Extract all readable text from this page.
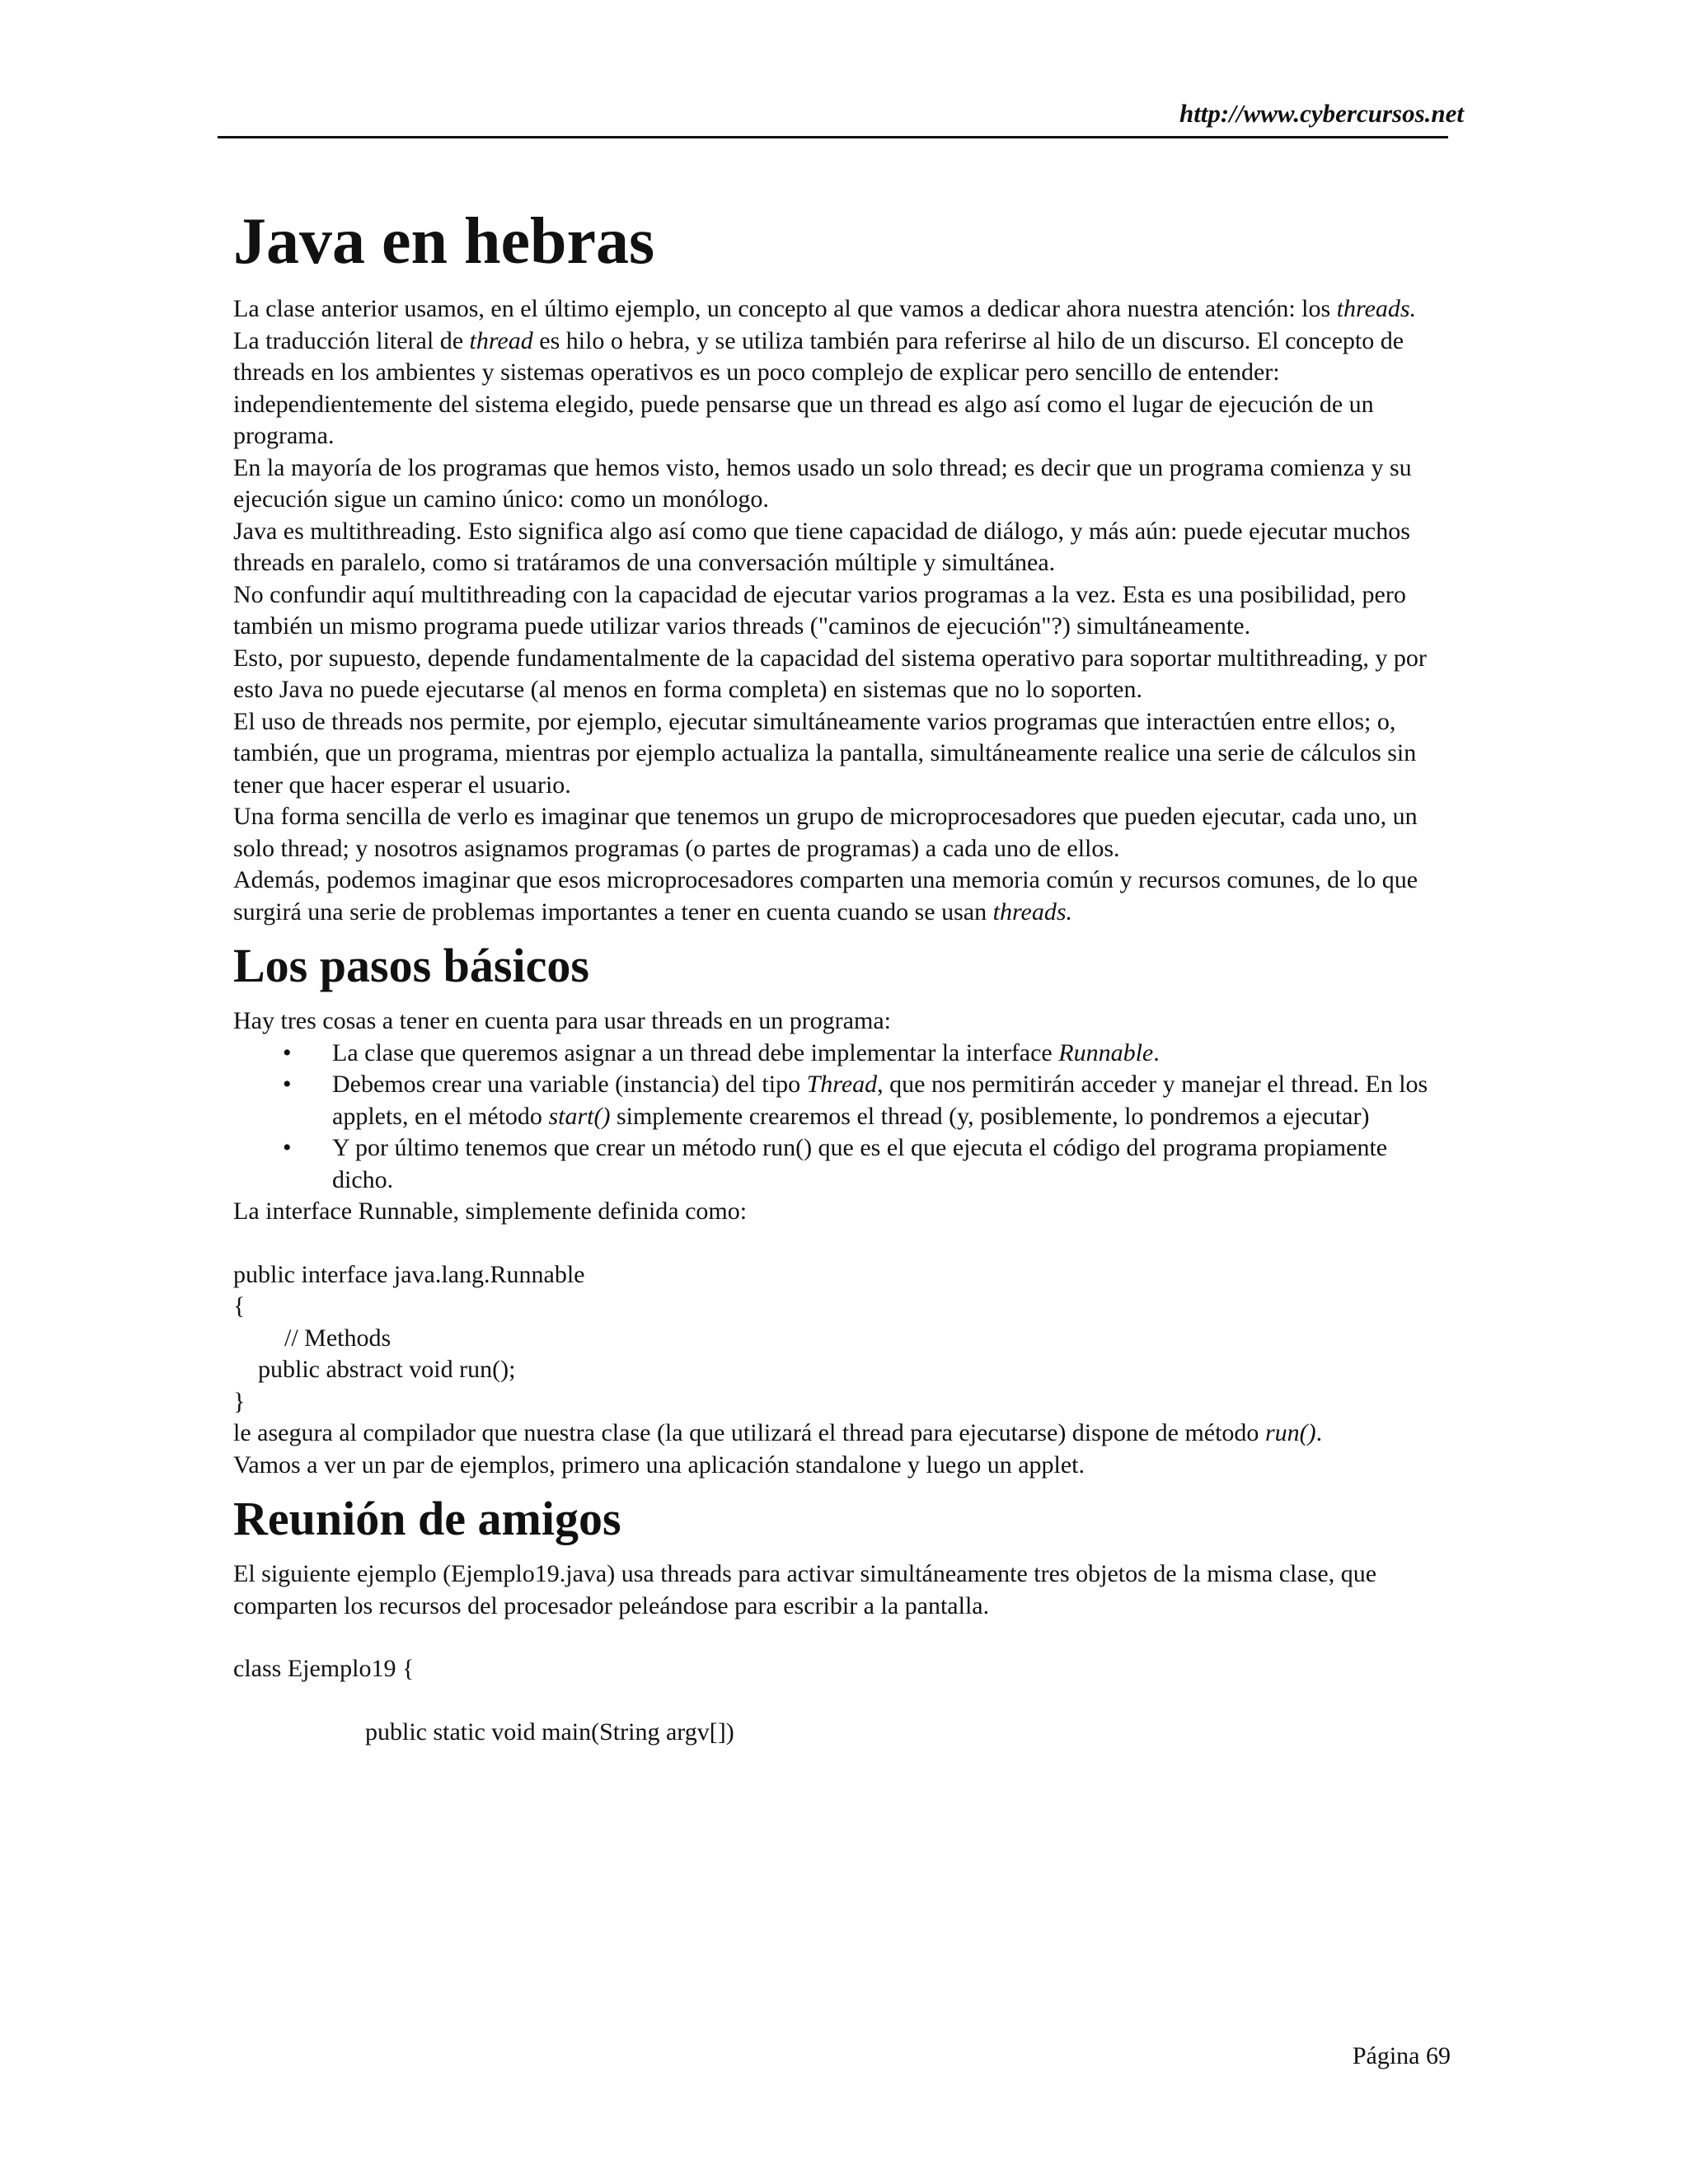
http://www.cybercursos.net
Java en hebras

La clase anterior usamos, en el último ejemplo, un concepto al que vamos a dedicar ahora nuestra atención: los threads.

La traducción literal de thread es hilo o hebra, y se utiliza también para referirse al hilo de un discurso. El concepto de threads en los ambientes y sistemas operativos es un poco complejo de explicar pero sencillo de entender: independientemente del sistema elegido, puede pensarse que un thread es algo así como el lugar de ejecución de un programa.

En la mayoría de los programas que hemos visto, hemos usado un solo thread; es decir que un programa comienza y su ejecución sigue un camino único: como un monólogo.

Java es multithreading. Esto significa algo así como que tiene capacidad de diálogo, y más aún: puede ejecutar muchos threads en paralelo, como si tratáramos de una conversación múltiple y simultánea.

No confundir aquí multithreading con la capacidad de ejecutar varios programas a la vez. Esta es una posibilidad, pero también un mismo programa puede utilizar varios threads ("caminos de ejecución"?) simultáneamente.

Esto, por supuesto, depende fundamentalmente de la capacidad del sistema operativo para soportar multithreading, y por esto Java no puede ejecutarse (al menos en forma completa) en sistemas que no lo soporten.

El uso de threads nos permite, por ejemplo, ejecutar simultáneamente varios programas que interactúen entre ellos; o, también, que un programa, mientras por ejemplo actualiza la pantalla, simultáneamente realice una serie de cálculos sin tener que hacer esperar el usuario.

Una forma sencilla de verlo es imaginar que tenemos un grupo de microprocesadores que pueden ejecutar, cada uno, un solo thread; y nosotros asignamos programas (o partes de programas) a cada uno de ellos.

Además, podemos imaginar que esos microprocesadores comparten una memoria común y recursos comunes, de lo que surgirá una serie de problemas importantes a tener en cuenta cuando se usan threads.

Los pasos básicos

Hay tres cosas a tener en cuenta para usar threads en un programa:

• La clase que queremos asignar a un thread debe implementar la interface Runnable.
• Debemos crear una variable (instancia) del tipo Thread, que nos permitirán acceder y manejar el thread. En los applets, en el método start() simplemente crearemos el thread (y, posiblemente, lo pondremos a ejecutar)
• Y por último tenemos que crear un método run() que es el que ejecuta el código del programa propiamente dicho.

La interface Runnable, simplemente definida como:

public interface java.lang.Runnable

{

// Methods

public abstract void run();

}

le asegura al compilador que nuestra clase (la que utilizará el thread para ejecutarse) dispone de método run().

Vamos a ver un par de ejemplos, primero una aplicación standalone y luego un applet.

Reunión de amigos

El siguiente ejemplo (Ejemplo19.java) usa threads para activar simultáneamente tres objetos de la misma clase, que comparten los recursos del procesador peleándose para escribir a la pantalla.

class Ejemplo19 {

public static void main(String argv[])

Página 69
